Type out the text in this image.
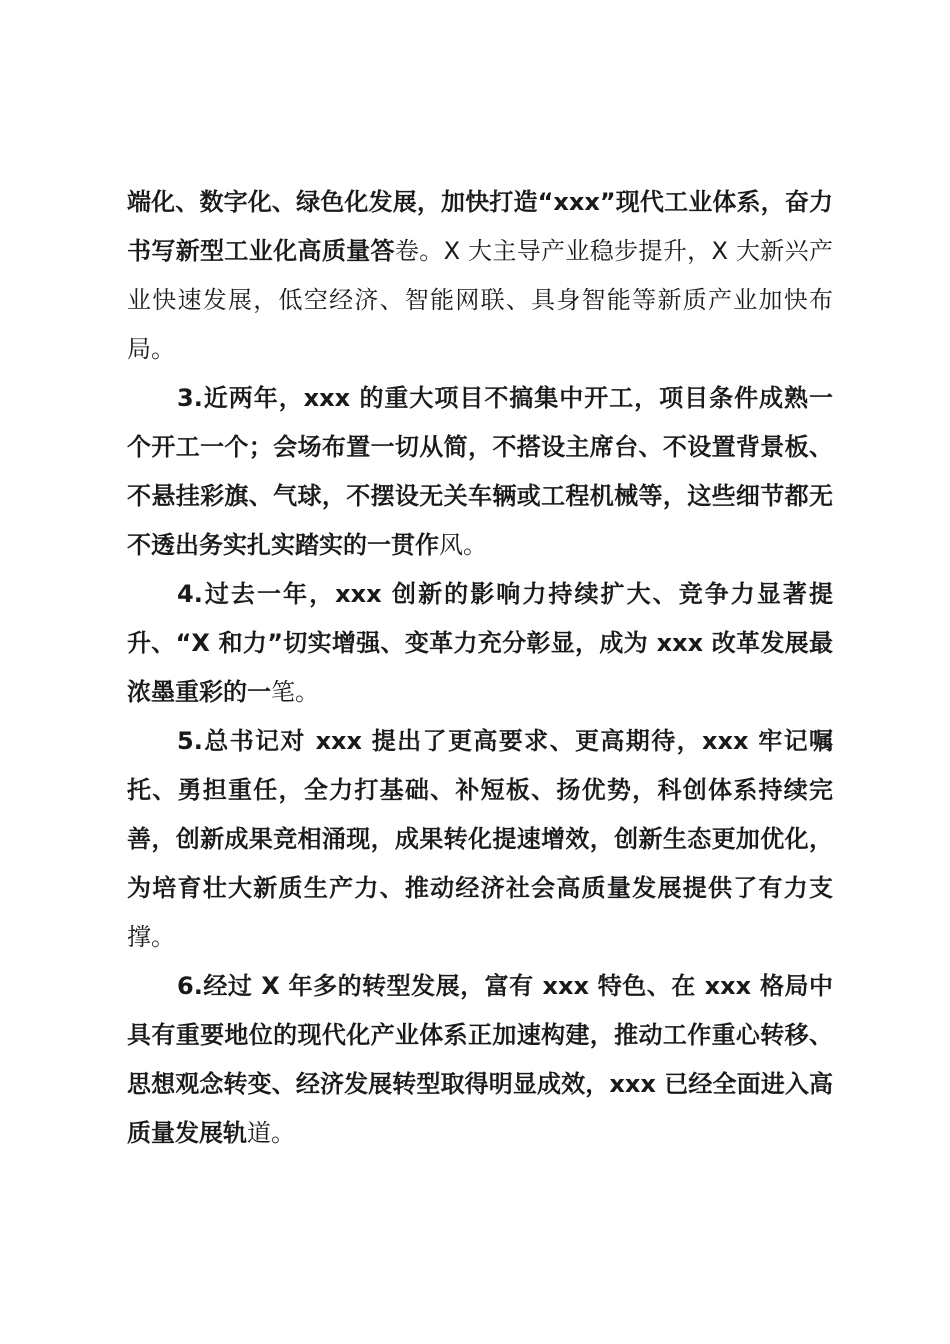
端化、数字化、绿色化发展，加快打造“xxx”现代工业体系，奋力书写新型工业化高质量答卷。X 大主导产业稳步提升，X 大新兴产业快速发展，低空经济、智能网联、具身智能等新质产业加快布局。

3.近两年，xxx 的重大项目不搞集中开工，项目条件成熟一个开工一个；会场布置一切从简，不搭设主席台、不设置背景板、不悬挂彩旗、气球，不摆设无关车辆或工程机械等，这些细节都无不透出务实扎实踏实的一贯作风。

4.过去一年，xxx 创新的影响力持续扩大、竞争力显著提升、“X 和力”切实增强、变革力充分彰显，成为 xxx 改革发展最浓墨重彩的一笔。

5.总书记对 xxx 提出了更高要求、更高期待，xxx 牢记嘱托、勇担重任，全力打基础、补短板、扬优势，科创体系持续完善，创新成果竞相涌现，成果转化提速增效，创新生态更加优化，为培育壮大新质生产力、推动经济社会高质量发展提供了有力支撑。

6.经过 X 年多的转型发展，富有 xxx 特色、在 xxx 格局中具有重要地位的现代化产业体系正加速构建，推动工作重心转移、思想观念转变、经济发展转型取得明显成效，xxx 已经全面进入高质量发展轨道。
